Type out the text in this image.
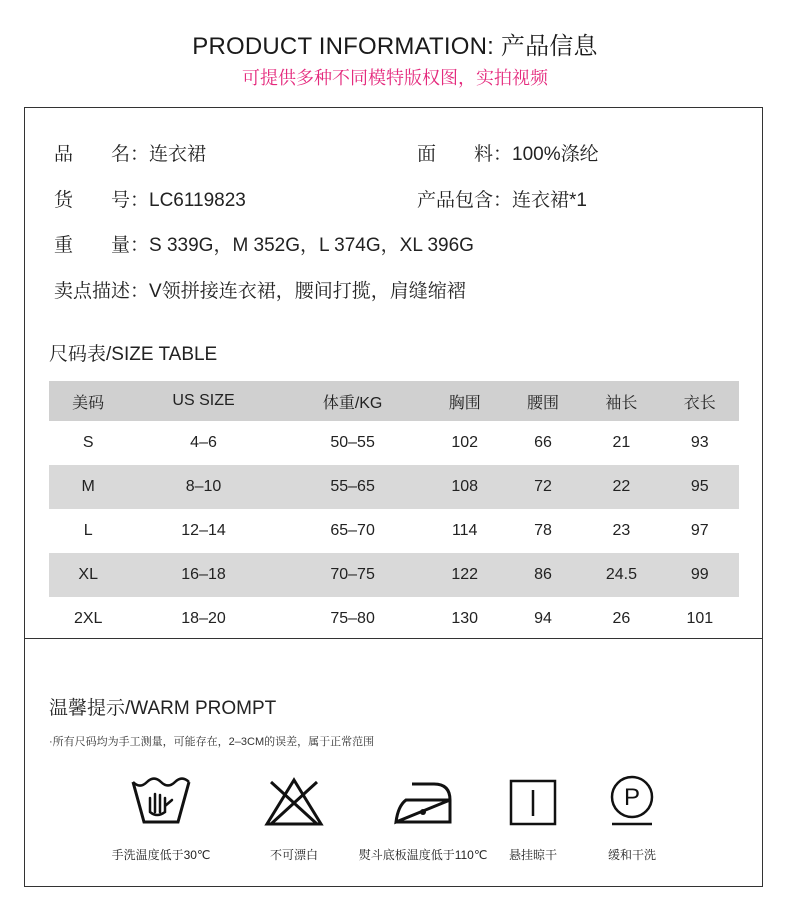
PRODUCT INFORMATION: 产品信息
可提供多种不同模特版权图，实拍视频
品　　名：连衣裙	面　　料：100%涤纶
货　　号：LC6119823	产品包含：连衣裙*1
重　　量：S 339G，M 352G，L 374G，XL 396G
卖点描述：V领拼接连衣裙，腰间打揽，肩缝缩褶
尺码表/SIZE TABLE
美码	US SIZE	体重/KG	胸围	腰围	袖长	衣长
S	4–6	50–55	102	66	21	93
M	8–10	55–65	108	72	22	95
L	12–14	65–70	114	78	23	97
XL	16–18	70–75	122	86	24.5	99
2XL	18–20	75–80	130	94	26	101
温馨提示/WARM PROMPT
·所有尺码均为手工测量，可能存在，2–3CM的误差，属于正常范围
手洗温度低于30℃	不可漂白	熨斗底板温度低于110℃	悬挂晾干
P
缓和干洗
